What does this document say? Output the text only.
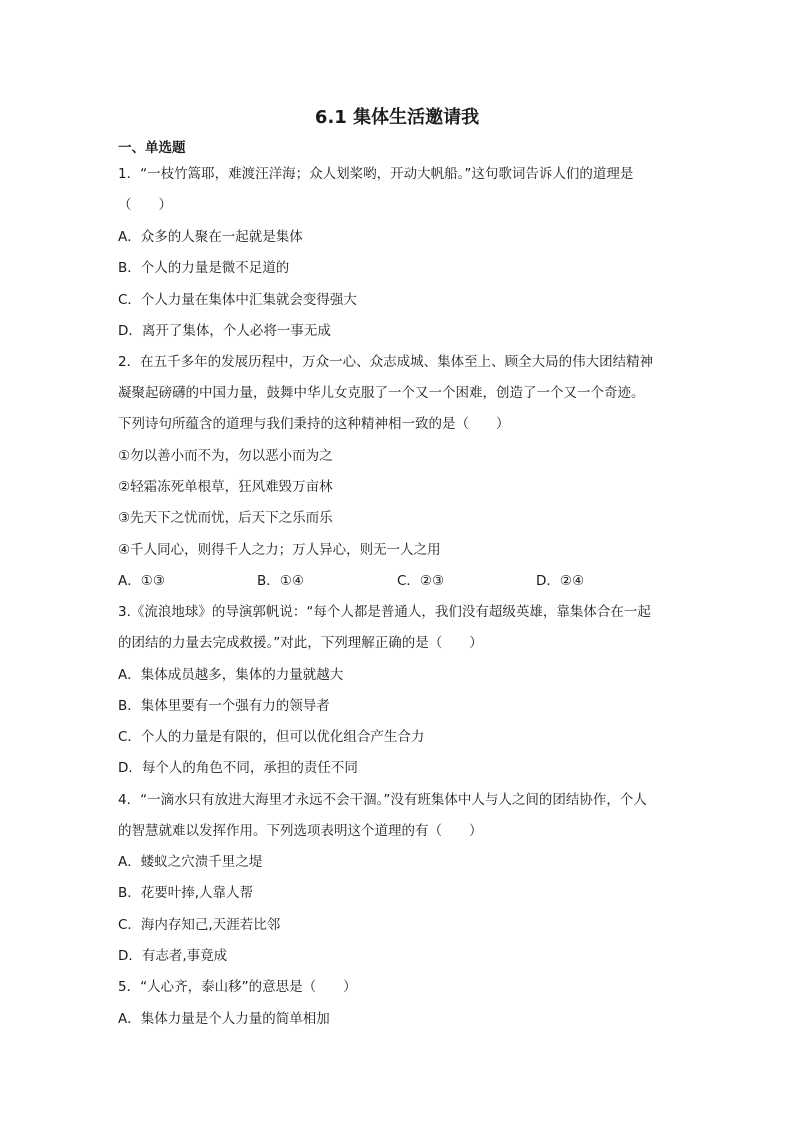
6.1 集体生活邀请我
一、单选题
1．“一枝竹篙耶，难渡汪洋海；众人划桨哟，开动大帆船。”这句歌词告诉人们的道理是
（　　）
A．众多的人聚在一起就是集体
B．个人的力量是微不足道的
C．个人力量在集体中汇集就会变得强大
D．离开了集体，个人必将一事无成
2．在五千多年的发展历程中，万众一心、众志成城、集体至上、顾全大局的伟大团结精神
凝聚起磅礴的中国力量，鼓舞中华儿女克服了一个又一个困难，创造了一个又一个奇迹。
下列诗句所蕴含的道理与我们秉持的这种精神相一致的是（　　）
①勿以善小而不为，勿以恶小而为之
②轻霜冻死单根草，狂风难毁万亩林
③先天下之忧而忧，后天下之乐而乐
④千人同心，则得千人之力；万人异心，则无一人之用
A．①③	B．①④	C．②③	D．②④
3.《流浪地球》的导演郭帆说：“每个人都是普通人，我们没有超级英雄，靠集体合在一起
的团结的力量去完成救援。”对此，下列理解正确的是（　　）
A．集体成员越多，集体的力量就越大
B．集体里要有一个强有力的领导者
C．个人的力量是有限的，但可以优化组合产生合力
D．每个人的角色不同，承担的责任不同
4．“一滴水只有放进大海里才永远不会干涸。”没有班集体中人与人之间的团结协作，个人
的智慧就难以发挥作用。下列选项表明这个道理的有（　　）
A．蝼蚁之穴溃千里之堤
B．花要叶捧,人靠人帮
C．海内存知己,天涯若比邻
D．有志者,事竟成
5．“人心齐，泰山移”的意思是（　　）
A．集体力量是个人力量的简单相加
